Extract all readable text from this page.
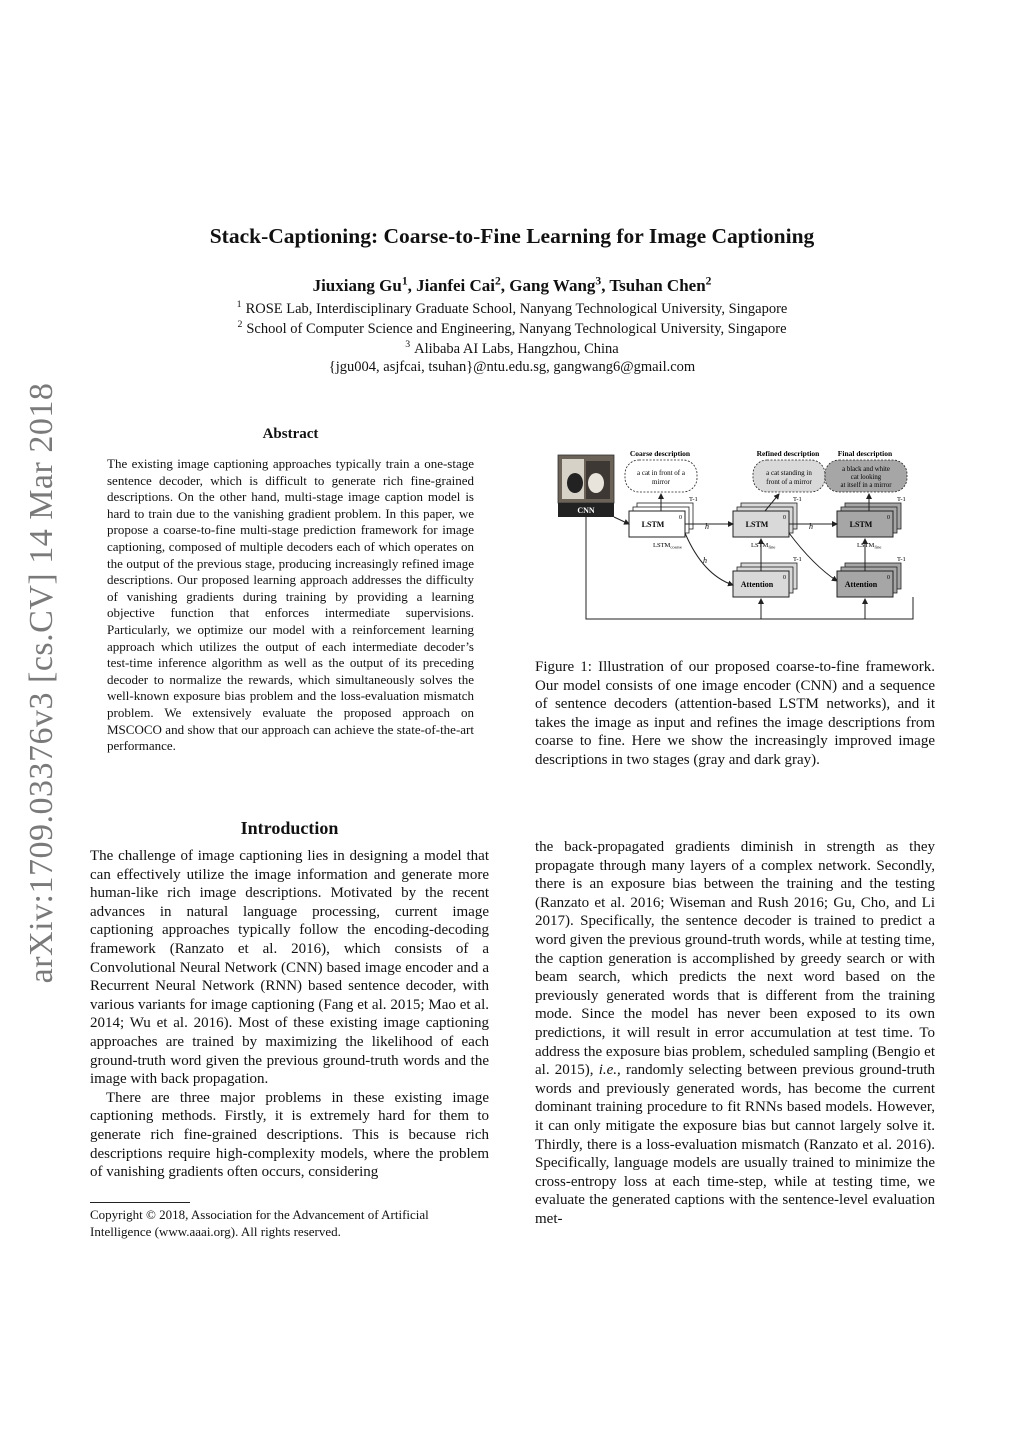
Stack-Captioning: Coarse-to-Fine Learning for Image Captioning
Jiuxiang Gu$^1$, Jianfei Cai$^2$, Gang Wang$^3$, Tsuhan Chen$^2$
$^1$ ROSE Lab, Interdisciplinary Graduate School, Nanyang Technological University, Singapore
$^2$ School of Computer Science and Engineering, Nanyang Technological University, Singapore
$^3$ Alibaba AI Labs, Hangzhou, China
{jgu004, asjfcai, tsuhan}@ntu.edu.sg, gangwang6@gmail.com
arXiv:1709.03376v3 [cs.CV] 14 Mar 2018	Abstract

The existing image captioning approaches typically train a one-stage sentence decoder, which is difficult to generate rich fine-grained descriptions. On the other hand, multi-stage image caption model is hard to train due to the vanishing gradient problem. In this paper, we propose a coarse-to-fine multi-stage prediction framework for image captioning, composed of multiple decoders each of which operates on the output of the previous stage, producing increasingly refined image descriptions. Our proposed learning approach addresses the difficulty of vanishing gradients during training by providing a learning objective function that enforces intermediate supervisions. Particularly, we optimize our model with a reinforcement learning approach which utilizes the output of each intermediate decoder’s test-time inference algorithm as well as the output of its preceding decoder to normalize the rewards, which simultaneously solves the well-known exposure bias problem and the loss-evaluation mismatch problem. We extensively evaluate the proposed approach on MSCOCO and show that our approach can achieve the state-of-the-art performance.

Introduction

The challenge of image captioning lies in designing a model that can effectively utilize the image information and generate more human-like rich image descriptions. Motivated by the recent advances in natural language processing, current image captioning approaches typically follow the encoding-decoding framework (Ranzato et al. 2016), which consists of a Convolutional Neural Network (CNN) based image encoder and a Recurrent Neural Network (RNN) based sentence decoder, with various variants for image captioning (Fang et al. 2015; Mao et al. 2014; Wu et al. 2016). Most of these existing image captioning approaches are trained by maximizing the likelihood of each ground-truth word given the previous ground-truth words and the image with back propagation.

There are three major problems in these existing image captioning methods. Firstly, it is extremely hard for them to generate rich fine-grained descriptions. This is because rich descriptions require high-complexity models, where the problem of vanishing gradients often occurs, considering

Copyright © 2018, Association for the Advancement of Artificial Intelligence (www.aaai.org). All rights reserved.
CNN
Coarse description
a cat in front of a
mirror
LSTM
0
T-1
$LSTM_{coarse}$
Refined description
a cat standing in
front of a mirror
LSTM
0
T-1
$LSTM_{fine}$
Attention
0
T-1
Final description
a black and white
cat looking
at itself in a mirror
LSTM
0
T-1
$LSTM_{fine}$
Attention
0
T-1
h
h
h
Figure 1: Illustration of our proposed coarse-to-fine framework. Our model consists of one image encoder (CNN) and a sequence of sentence decoders (attention-based LSTM networks), and it takes the image as input and refines the image descriptions from coarse to fine. Here we show the increasingly improved image descriptions in two stages (gray and dark gray).

the back-propagated gradients diminish in strength as they propagate through many layers of a complex network. Secondly, there is an exposure bias between the training and the testing (Ranzato et al. 2016; Wiseman and Rush 2016; Gu, Cho, and Li 2017). Specifically, the sentence decoder is trained to predict a word given the previous ground-truth words, while at testing time, the caption generation is accomplished by greedy search or with beam search, which predicts the next word based on the previously generated words that is different from the training mode. Since the model has never been exposed to its own predictions, it will result in error accumulation at test time. To address the exposure bias problem, scheduled sampling (Bengio et al. 2015), i.e., randomly selecting between previous ground-truth words and previously generated words, has become the current dominant training procedure to fit RNNs based models. However, it can only mitigate the exposure bias but cannot largely solve it. Thirdly, there is a loss-evaluation mismatch (Ranzato et al. 2016). Specifically, language models are usually trained to minimize the cross-entropy loss at each time-step, while at testing time, we evaluate the generated captions with the sentence-level evaluation met-
